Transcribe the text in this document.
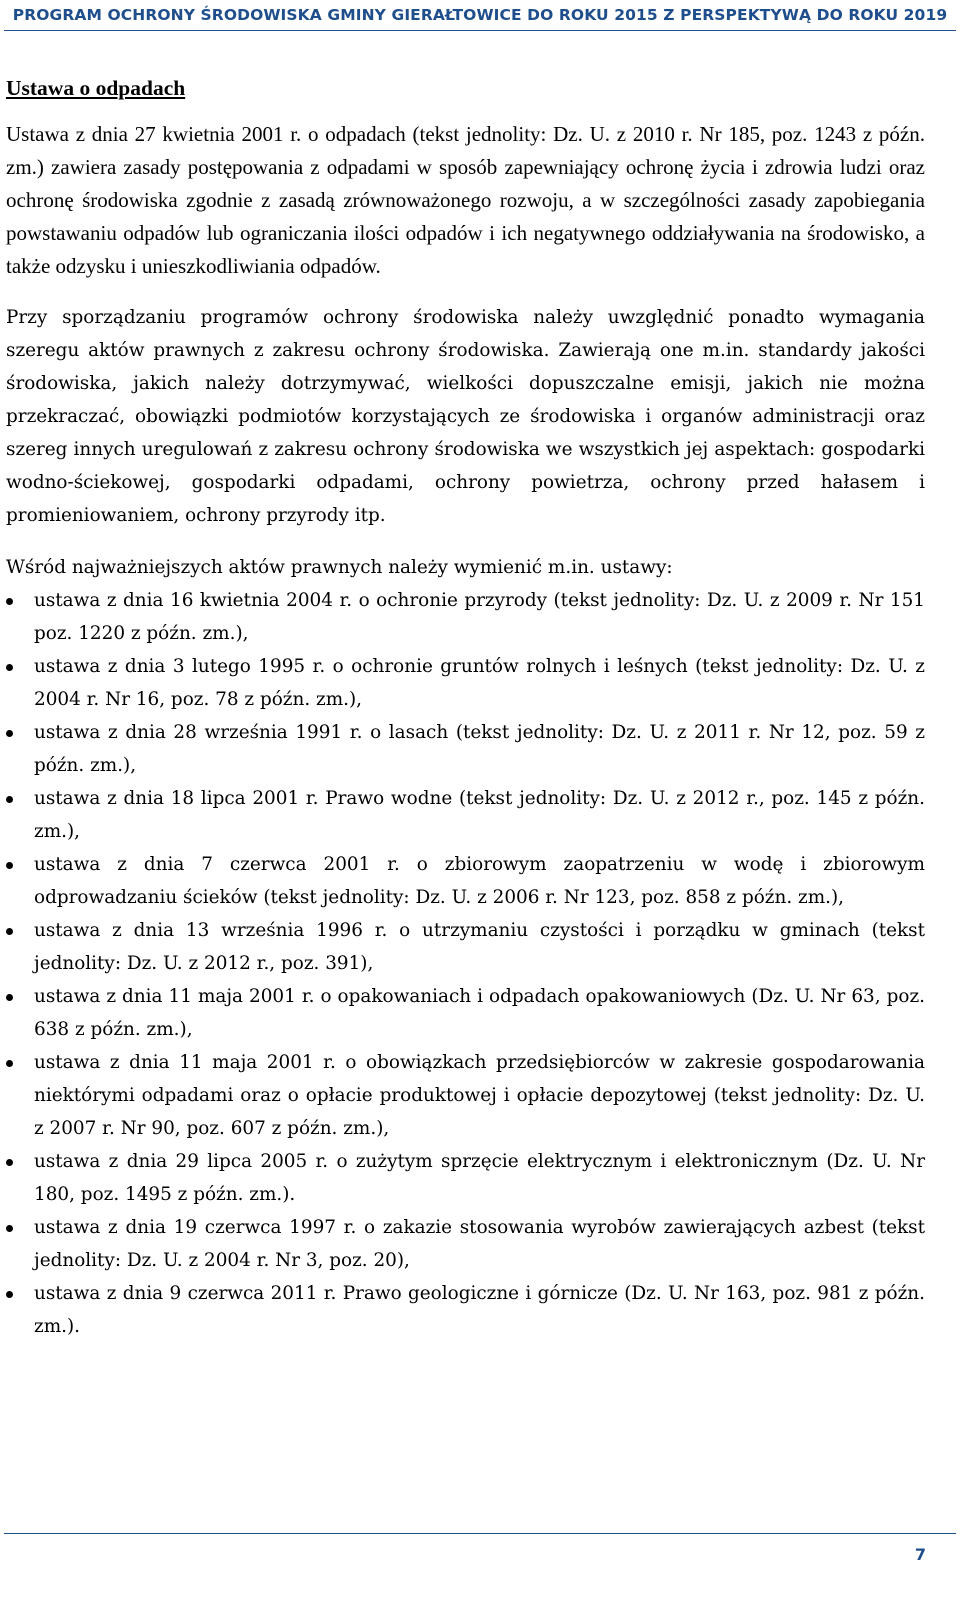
PROGRAM OCHRONY ŚRODOWISKA GMINY GIERAŁTOWICE DO ROKU 2015 Z PERSPEKTYWĄ DO ROKU 2019
Ustawa o odpadach

Ustawa z dnia 27 kwietnia 2001 r. o odpadach (tekst jednolity: Dz. U. z 2010 r. Nr 185, poz. 1243 z późn. zm.) zawiera zasady postępowania z odpadami w sposób zapewniający ochronę życia i zdrowia ludzi oraz ochronę środowiska zgodnie z zasadą zrównoważonego rozwoju, a w szczególności zasady zapobiegania powstawaniu odpadów lub ograniczania ilości odpadów i ich negatywnego oddziaływania na środowisko, a także odzysku i unieszkodliwiania odpadów.

Przy sporządzaniu programów ochrony środowiska należy uwzględnić ponadto wymagania szeregu aktów prawnych z zakresu ochrony środowiska. Zawierają one m.in. standardy jakości środowiska, jakich należy dotrzymywać, wielkości dopuszczalne emisji, jakich nie można przekraczać, obowiązki podmiotów korzystających ze środowiska i organów administracji oraz szereg innych uregulowań z zakresu ochrony środowiska we wszystkich jej aspektach: gospodarki wodno-ściekowej, gospodarki odpadami, ochrony powietrza, ochrony przed hałasem i promieniowaniem, ochrony przyrody itp.

Wśród najważniejszych aktów prawnych należy wymienić m.in. ustawy:

ustawa z dnia 16 kwietnia 2004 r. o ochronie przyrody (tekst jednolity: Dz. U. z 2009 r. Nr 151 poz. 1220 z późn. zm.),
ustawa z dnia 3 lutego 1995 r. o ochronie gruntów rolnych i leśnych (tekst jednolity: Dz. U. z 2004 r. Nr 16, poz. 78 z późn. zm.),
ustawa z dnia 28 września 1991 r. o lasach (tekst jednolity: Dz. U. z 2011 r. Nr 12, poz. 59 z późn. zm.),
ustawa z dnia 18 lipca 2001 r. Prawo wodne (tekst jednolity: Dz. U. z 2012 r., poz. 145 z późn. zm.),
ustawa z dnia 7 czerwca 2001 r. o zbiorowym zaopatrzeniu w wodę i zbiorowym odprowadzaniu ścieków (tekst jednolity: Dz. U. z 2006 r. Nr 123, poz. 858 z późn. zm.),
ustawa z dnia 13 września 1996 r. o utrzymaniu czystości i porządku w gminach (tekst jednolity: Dz. U. z 2012 r., poz. 391),
ustawa z dnia 11 maja 2001 r. o opakowaniach i odpadach opakowaniowych (Dz. U. Nr 63, poz. 638 z późn. zm.),
ustawa z dnia 11 maja 2001 r. o obowiązkach przedsiębiorców w zakresie gospodarowania niektórymi odpadami oraz o opłacie produktowej i opłacie depozytowej (tekst jednolity: Dz. U. z 2007 r. Nr 90, poz. 607 z późn. zm.),
ustawa z dnia 29 lipca 2005 r. o zużytym sprzęcie elektrycznym i elektronicznym (Dz. U. Nr 180, poz. 1495 z późn. zm.).
ustawa z dnia 19 czerwca 1997 r. o zakazie stosowania wyrobów zawierających azbest (tekst jednolity: Dz. U. z 2004 r. Nr 3, poz. 20),
ustawa z dnia 9 czerwca 2011 r. Prawo geologiczne i górnicze (Dz. U. Nr 163, poz. 981 z późn. zm.).
7
